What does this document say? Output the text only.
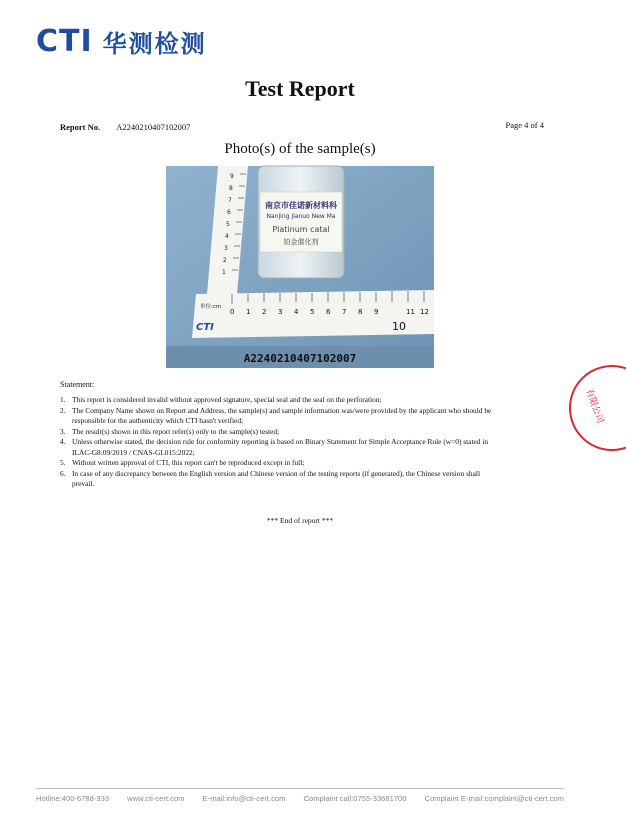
CTI 华测检测
Test Report
Report No. A2240210407102007	Page 4 of 4
Photo(s) of the sample(s)
9
8
7
6
5
4
3
2
1
南京市佳诺新材料科
Nanjing Jianuo New Ma
Platinum catal
铂金催化剂
单位:cm
CTI
0 1 2 3 4 5 6 7 8 9
10
11 12
A2240210407102007
Statement:
1. This report is considered invalid without approved signature, special seal and the seal on the perforation;
2. The Company Name shown on Report and Address, the sample(s) and sample information was/were provided by the applicant who should be responsible for the authenticity which CTI hasn't verified;
3. The result(s) shown in this report refer(s) only to the sample(s) tested;
4. Unless otherwise stated, the decision rule for conformity reporting is based on Binary Statement for Simple Acceptance Rule (w=0) stated in ILAC-G8:09/2019 / CNAS-GL015:2022;
5. Without written approval of CTI, this report can't be reproduced except in full;
6. In case of any discrepancy between the English version and Chinese version of the testing reports (if generated), the Chinese version shall prevail.
*** End of report ***
有限公司
Hotline:400-6788-333 www.cti-cert.com E-mail:info@cti-cert.com Complaint call:0755-33681700 Complaint E-mail:complaint@cti-cert.com
